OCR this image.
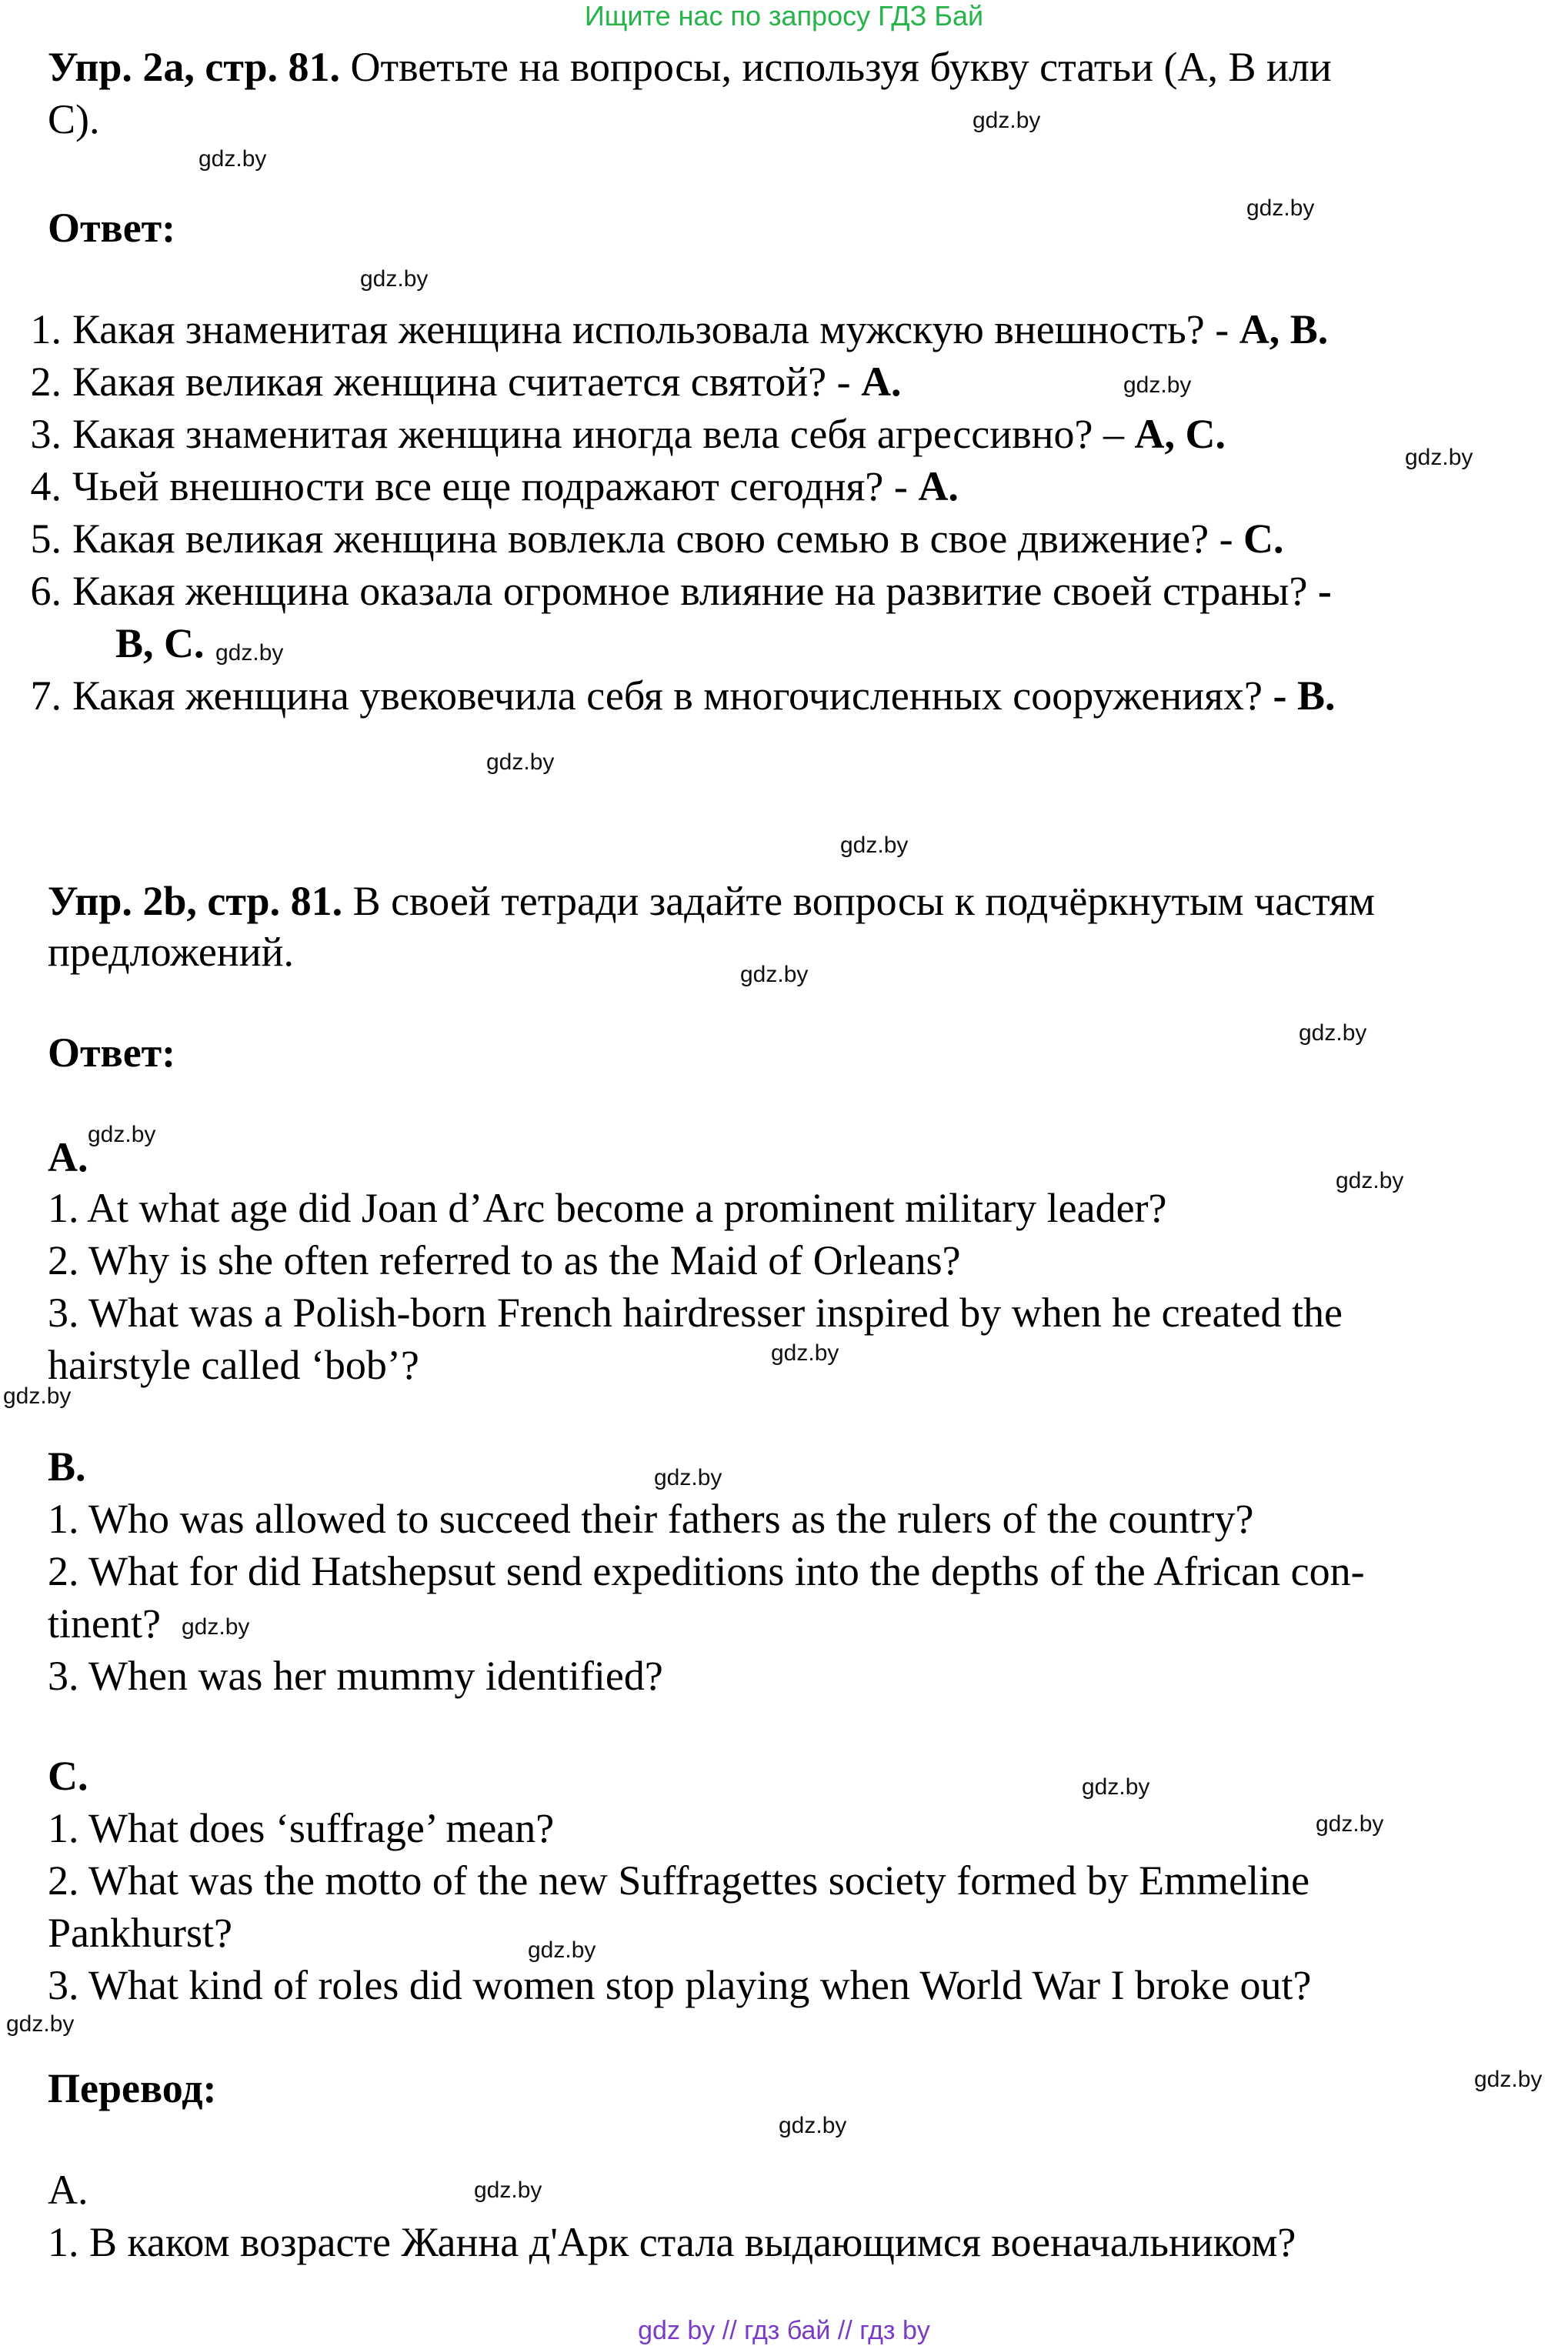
Ищите нас по запросу ГДЗ Бай
Упр. 2а, стр. 81. Ответьте на вопросы, используя букву статьи (А, В или
С).
Ответ:
1. Какая знаменитая женщина использовала мужскую внешность? - А, В.
2. Какая великая женщина считается святой? - А.
3. Какая знаменитая женщина иногда вела себя агрессивно? – А, С.
4. Чьей внешности все еще подражают сегодня? - А.
5. Какая великая женщина вовлекла свою семью в свое движение? - С.
6. Какая женщина оказала огромное влияние на развитие своей страны? -
В, С.
7. Какая женщина увековечила себя в многочисленных сооружениях? - В.
Упр. 2b, стр. 81. В своей тетради задайте вопросы к подчёркнутым частям
предложений.
Ответ:
A.
1. At what age did Joan d’Arc become a prominent military leader?
2. Why is she often referred to as the Maid of Orleans?
3. What was a Polish-born French hairdresser inspired by when he created the
hairstyle called ‘bob’?
B.
1. Who was allowed to succeed their fathers as the rulers of the country?
2. What for did Hatshepsut send expeditions into the depths of the African con-
tinent?
3. When was her mummy identified?
C.
1. What does ‘suffrage’ mean?
2. What was the motto of the new Suffragettes society formed by Emmeline
Pankhurst?
3. What kind of roles did women stop playing when World War I broke out?
Перевод:
А.
1. В каком возрасте Жанна д'Арк стала выдающимся военачальником?
gdz.by
gdz.by
gdz.by
gdz.by
gdz.by
gdz.by
gdz.by
gdz.by
gdz.by
gdz.by
gdz.by
gdz.by
gdz.by
gdz.by
gdz.by
gdz.by
gdz.by
gdz.by
gdz.by
gdz.by
gdz.by
gdz.by
gdz.by
gdz.by
gdz by // гдз бай // гдз by
